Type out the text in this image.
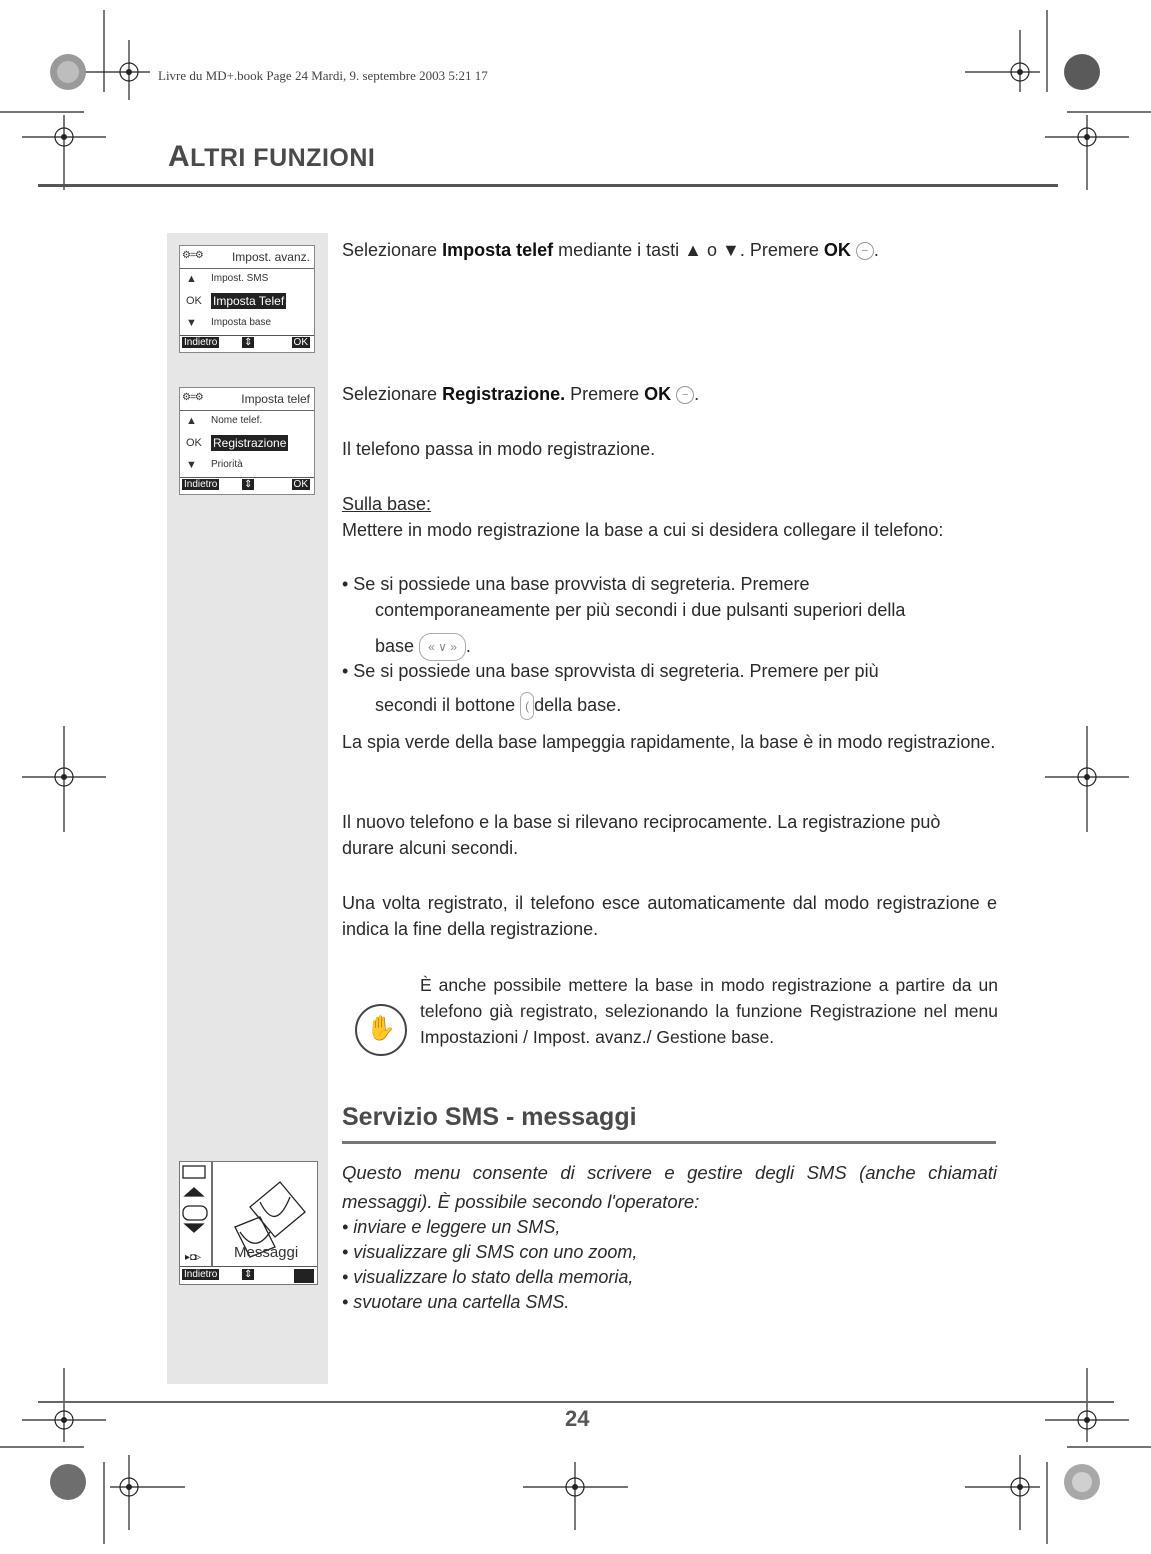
Livre du MD+.book Page 24 Mardi, 9. septembre 2003 5:21 17
ALTRI FUNZIONI
⚙=⚙ Impost. avanz.
▲ Impost. SMS
OK Imposta Telef
▼ Imposta base
Indietro	⇕	OK
⚙=⚙	Imposta telef
▲ Nome telef.
OK Registrazione
▼ Priorità
Indietro	⇕	OK
Selezionare Imposta telef mediante i tasti ▲ o ▼. Premere OK – .
Selezionare Registrazione. Premere OK – .
Il telefono passa in modo registrazione.
Sulla base:
Mettere in modo registrazione la base a cui si desidera collegare il telefono:
• Se si possiede una base provvista di segreteria. Premere
contemporaneamente per più secondi i due pulsanti superiori della
base « ∨ » .
• Se si possiede una base sprovvista di segreteria. Premere per più
secondi il bottone ( della base.
La spia verde della base lampeggia rapidamente, la base è in modo registrazione.
Il nuovo telefono e la base si rilevano reciprocamente. La registrazione può durare alcuni secondi.
Una volta registrato, il telefono esce automaticamente dal modo registrazione e indica la fine della registrazione.
✋
È anche possibile mettere la base in modo registrazione a partire da un telefono già registrato, selezionando la funzione Registrazione nel menu Impostazioni / Impost. avanz./ Gestione base.
Servizio SMS - messaggi
▸◘▹ Messaggi
Indietro	⇕
Questo menu consente di scrivere e gestire degli SMS (anche chiamati messaggi). È possibile secondo l'operatore:
• inviare e leggere un SMS,
• visualizzare gli SMS con uno zoom,
• visualizzare lo stato della memoria,
• svuotare una cartella SMS.
24
